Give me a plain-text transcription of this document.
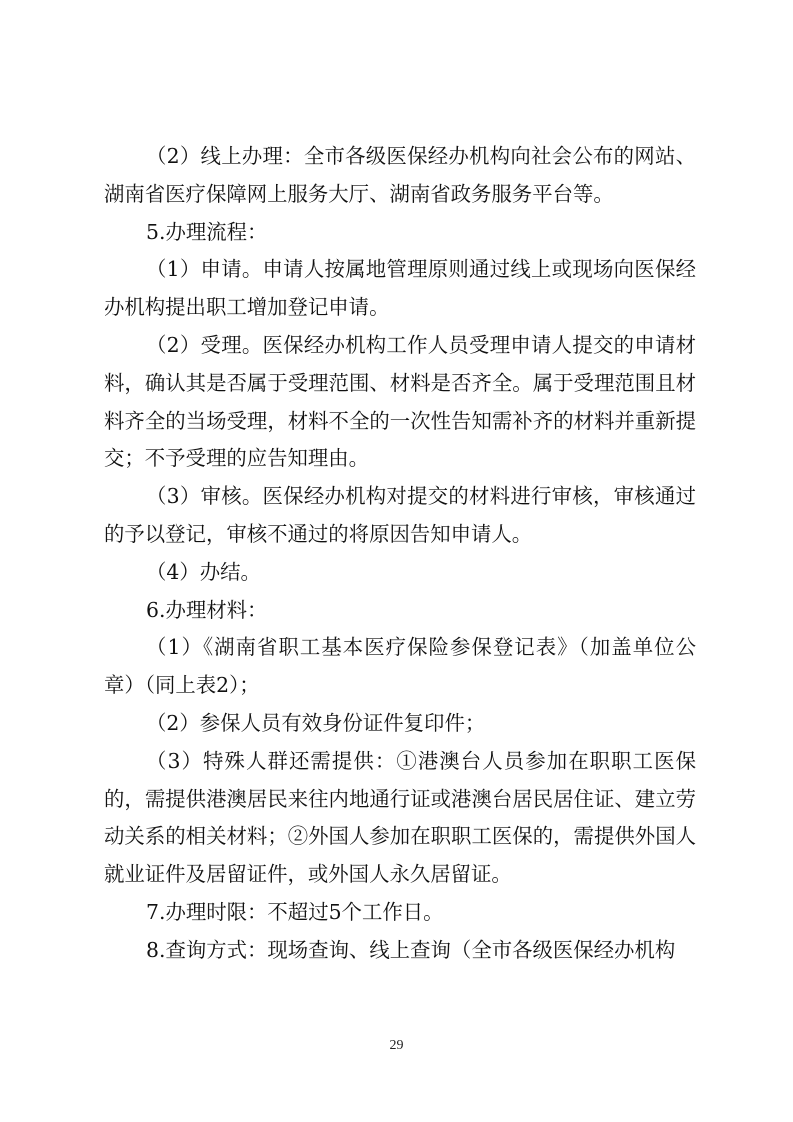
（2）线上办理：全市各级医保经办机构向社会公布的网站、湖南省医疗保障网上服务大厅、湖南省政务服务平台等。

5.办理流程：

（1）申请。申请人按属地管理原则通过线上或现场向医保经办机构提出职工增加登记申请。

（2）受理。医保经办机构工作人员受理申请人提交的申请材料，确认其是否属于受理范围、材料是否齐全。属于受理范围且材料齐全的当场受理，材料不全的一次性告知需补齐的材料并重新提交；不予受理的应告知理由。

（3）审核。医保经办机构对提交的材料进行审核，审核通过的予以登记，审核不通过的将原因告知申请人。

（4）办结。

6.办理材料：

（1）《湖南省职工基本医疗保险参保登记表》（加盖单位公章）（同上表2）；

（2）参保人员有效身份证件复印件；

（3）特殊人群还需提供：①港澳台人员参加在职职工医保的，需提供港澳居民来往内地通行证或港澳台居民居住证、建立劳动关系的相关材料；②外国人参加在职职工医保的，需提供外国人就业证件及居留证件，或外国人永久居留证。

7.办理时限：不超过5个工作日。

8.查询方式：现场查询、线上查询（全市各级医保经办机构

29
